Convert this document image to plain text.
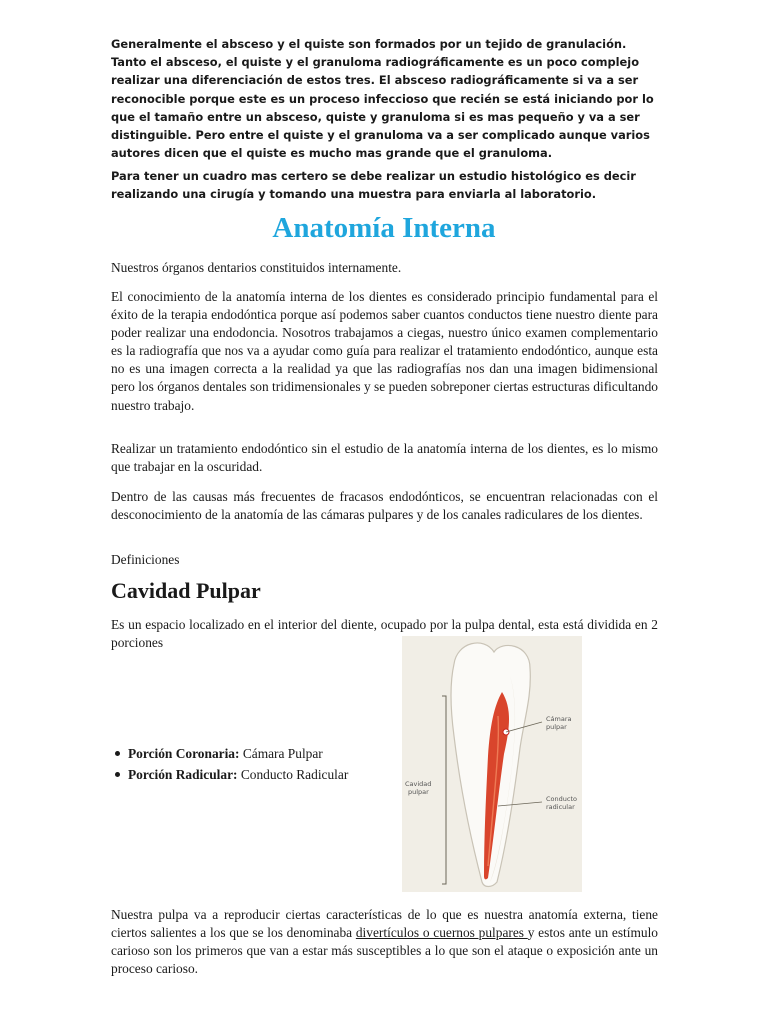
Generalmente el absceso y el quiste son formados por un tejido de granulación. Tanto el absceso, el quiste y el granuloma radiográficamente es un poco complejo realizar una diferenciación de estos tres. El absceso radiográficamente si va a ser reconocible porque este es un proceso infeccioso que recién se está iniciando por lo que el tamaño entre un absceso, quiste y granuloma si es mas pequeño y va a ser distinguible. Pero entre el quiste y el granuloma va a ser complicado aunque varios autores dicen que el quiste es mucho mas grande que el granuloma.

Para tener un cuadro mas certero se debe realizar un estudio histológico es decir realizando una cirugía y tomando una muestra para enviarla al laboratorio.

Anatomía Interna

Nuestros órganos dentarios constituidos internamente.

El conocimiento de la anatomía interna de los dientes es considerado principio fundamental para el éxito de la terapia endodóntica porque así podemos saber cuantos conductos tiene nuestro diente para poder realizar una endodoncia. Nosotros trabajamos a ciegas, nuestro único examen complementario es la radiografía que nos va a ayudar como guía para realizar el tratamiento endodóntico, aunque esta no es una imagen correcta a la realidad ya que las radiografías nos dan una imagen bidimensional pero los órganos dentales son tridimensionales y se pueden sobreponer ciertas estructuras dificultando nuestro trabajo.

Realizar un tratamiento endodóntico sin el estudio de la anatomía interna de los dientes, es lo mismo que trabajar en la oscuridad.

Dentro de las causas más frecuentes de fracasos endodónticos, se encuentran relacionadas con el desconocimiento de la anatomía de las cámaras pulpares y de los canales radiculares de los dientes.

Definiciones

Cavidad Pulpar

Es un espacio localizado en el interior del diente, ocupado por la pulpa dental, esta está dividida en 2 porciones

Porción Coronaria: Cámara Pulpar
Porción Radicular: Conducto Radicular
Cavidad
pulpar
Cámara
pulpar
Conducto
radicular

Nuestra pulpa va a reproducir ciertas características de lo que es nuestra anatomía externa, tiene ciertos salientes a los que se los denominaba divertículos o cuernos pulpares y estos ante un estímulo carioso son los primeros que van a estar más susceptibles a lo que son el ataque o exposición ante un proceso carioso.
